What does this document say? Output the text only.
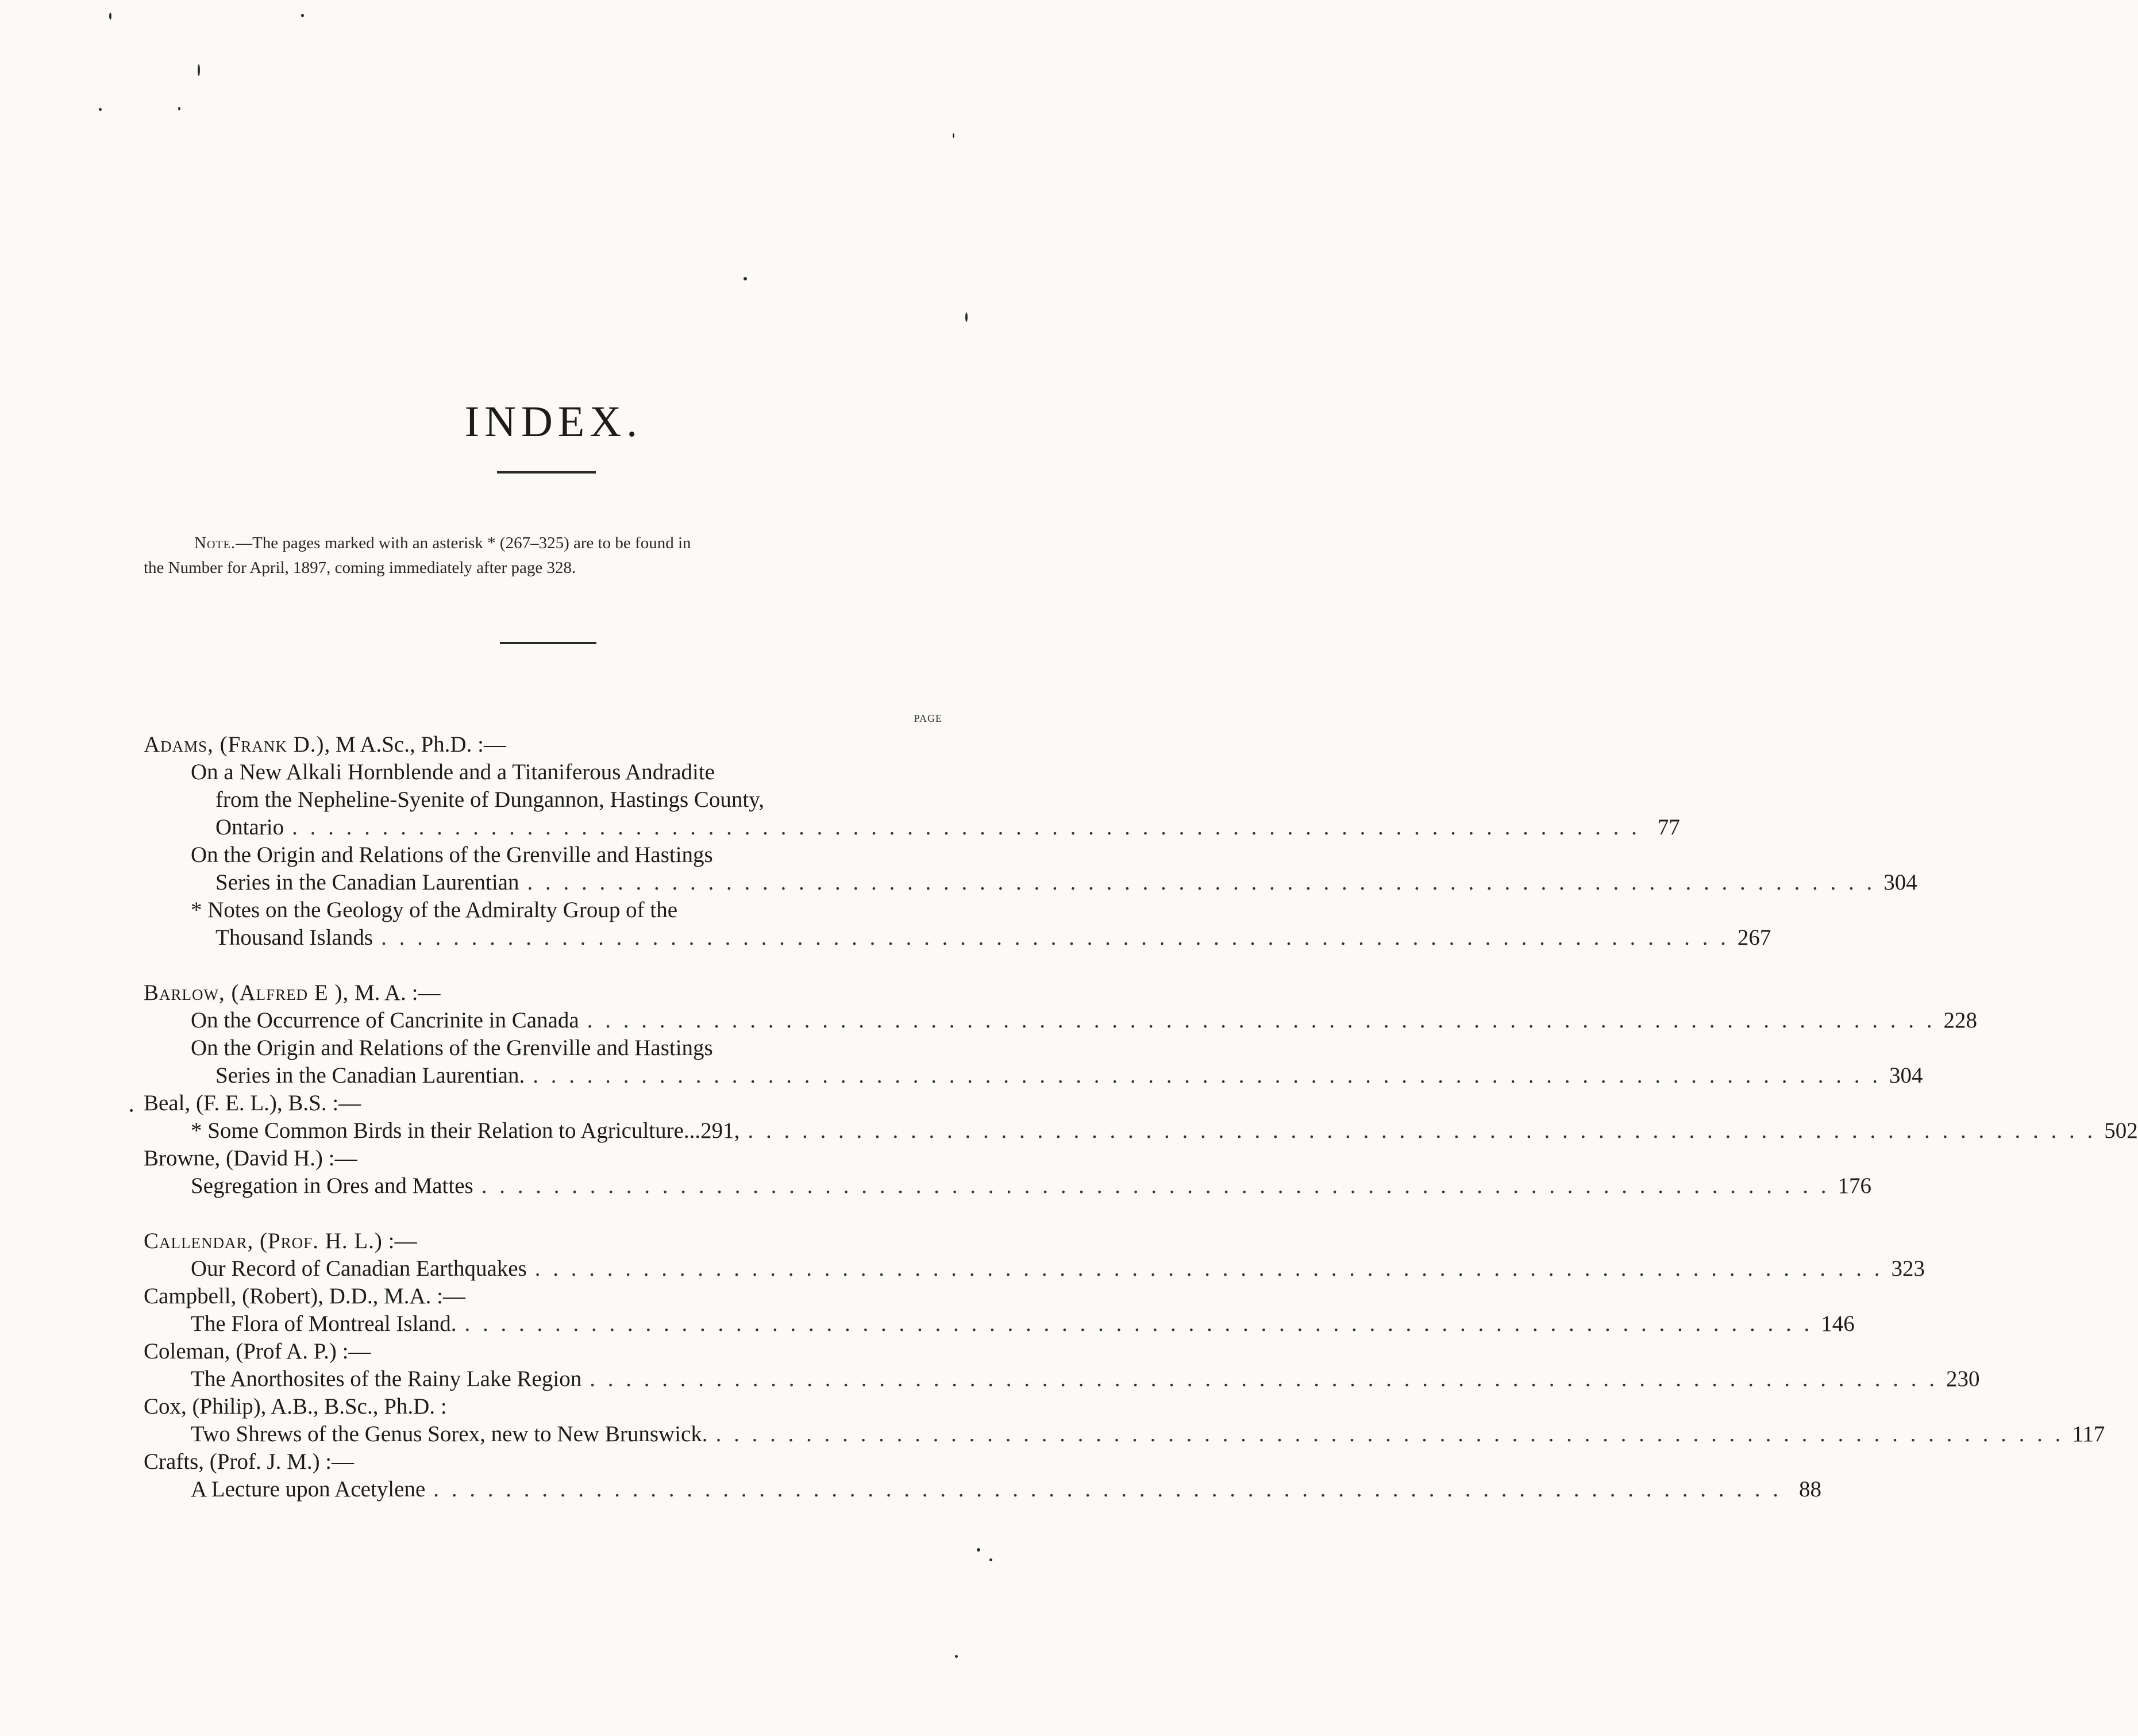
INDEX.
Note.—The pages marked with an asterisk * (267–325) are to be found in
the Number for April, 1897, coming immediately after page 328.
PAGE
Adams, (Frank D.), M A.Sc., Ph.D. :—
On a New Alkali Hornblende and a Titaniferous Andradite
from the Nepheline-Syenite of Dungannon, Hastings County,
Ontario . . . . . . . . . . . . . . . . . . . . . . . . . . . . . . . . . . . . . . . . . . . . . . . . . . . . . . . . . . . . . . . . . . . . . . . . . . . 77
On the Origin and Relations of the Grenville and Hastings
Series in the Canadian Laurentian . . . . . . . . . . . . . . . . . . . . . . . . . . . . . . . . . . . . . . . . . . . . . . . . . . . . . . . . . . . . . . . . . . . . . . . . . . . 304
* Notes on the Geology of the Admiralty Group of the
Thousand Islands . . . . . . . . . . . . . . . . . . . . . . . . . . . . . . . . . . . . . . . . . . . . . . . . . . . . . . . . . . . . . . . . . . . . . . . . . . . 267
Barlow, (Alfred E ), M. A. :—
On the Occurrence of Cancrinite in Canada . . . . . . . . . . . . . . . . . . . . . . . . . . . . . . . . . . . . . . . . . . . . . . . . . . . . . . . . . . . . . . . . . . . . . . . . . . . 228
On the Origin and Relations of the Grenville and Hastings
Series in the Canadian Laurentian. . . . . . . . . . . . . . . . . . . . . . . . . . . . . . . . . . . . . . . . . . . . . . . . . . . . . . . . . . . . . . . . . . . . . . . . . . . . 304
Beal, (F. E. L.), B.S. :—
* Some Common Birds in their Relation to Agriculture...291, . . . . . . . . . . . . . . . . . . . . . . . . . . . . . . . . . . . . . . . . . . . . . . . . . . . . . . . . . . . . . . . . . . . . . . . . . . . 502
Browne, (David H.) :—
Segregation in Ores and Mattes . . . . . . . . . . . . . . . . . . . . . . . . . . . . . . . . . . . . . . . . . . . . . . . . . . . . . . . . . . . . . . . . . . . . . . . . . . . 176
Callendar, (Prof. H. L.) :—
Our Record of Canadian Earthquakes . . . . . . . . . . . . . . . . . . . . . . . . . . . . . . . . . . . . . . . . . . . . . . . . . . . . . . . . . . . . . . . . . . . . . . . . . . . 323
Campbell, (Robert), D.D., M.A. :—
The Flora of Montreal Island. . . . . . . . . . . . . . . . . . . . . . . . . . . . . . . . . . . . . . . . . . . . . . . . . . . . . . . . . . . . . . . . . . . . . . . . . . . . 146
Coleman, (Prof A. P.) :—
The Anorthosites of the Rainy Lake Region . . . . . . . . . . . . . . . . . . . . . . . . . . . . . . . . . . . . . . . . . . . . . . . . . . . . . . . . . . . . . . . . . . . . . . . . . . . 230
Cox, (Philip), A.B., B.Sc., Ph.D. :
Two Shrews of the Genus Sorex, new to New Brunswick. . . . . . . . . . . . . . . . . . . . . . . . . . . . . . . . . . . . . . . . . . . . . . . . . . . . . . . . . . . . . . . . . . . . . . . . . . . . 117
Crafts, (Prof. J. M.) :—
A Lecture upon Acetylene . . . . . . . . . . . . . . . . . . . . . . . . . . . . . . . . . . . . . . . . . . . . . . . . . . . . . . . . . . . . . . . . . . . . . . . . . . . 88
